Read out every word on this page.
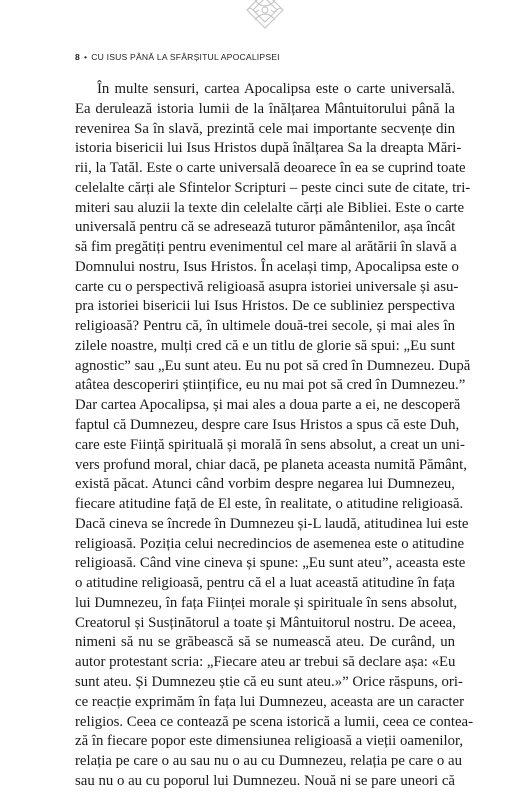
8 • CU ISUS PÂNĂ LA SFÂRȘITUL APOCALIPSEI
În multe sensuri, cartea Apocalipsa este o carte universală.
Ea derulează istoria lumii de la înălțarea Mântuitorului până la
revenirea Sa în slavă, prezintă cele mai importante secvențe din
istoria bisericii lui Isus Hristos după înălțarea Sa la dreapta Mări-
rii, la Tatăl. Este o carte universală deoarece în ea se cuprind toate
celelalte cărți ale Sfintelor Scripturi – peste cinci sute de citate, tri-
miteri sau aluzii la texte din celelalte cărți ale Bibliei. Este o carte
universală pentru că se adresează tuturor pământenilor, așa încât
să fim pregătiți pentru evenimentul cel mare al arătării în slavă a
Domnului nostru, Isus Hristos. În același timp, Apocalipsa este o
carte cu o perspectivă religioasă asupra istoriei universale și asu-
pra istoriei bisericii lui Isus Hristos. De ce subliniez perspectiva
religioasă? Pentru că, în ultimele două-trei secole, și mai ales în
zilele noastre, mulți cred că e un titlu de glorie să spui: „Eu sunt
agnostic” sau „Eu sunt ateu. Eu nu pot să cred în Dumnezeu. După
atâtea descoperiri științifice, eu nu mai pot să cred în Dumnezeu.”
Dar cartea Apocalipsa, și mai ales a doua parte a ei, ne descoperă
faptul că Dumnezeu, despre care Isus Hristos a spus că este Duh,
care este Ființă spirituală și morală în sens absolut, a creat un uni-
vers profund moral, chiar dacă, pe planeta aceasta numită Pământ,
există păcat. Atunci când vorbim despre negarea lui Dumnezeu,
fiecare atitudine față de El este, în realitate, o atitudine religioasă.
Dacă cineva se încrede în Dumnezeu și-L laudă, atitudinea lui este
religioasă. Poziția celui necredincios de asemenea este o atitudine
religioasă. Când vine cineva și spune: „Eu sunt ateu”, aceasta este
o atitudine religioasă, pentru că el a luat această atitudine în fața
lui Dumnezeu, în fața Ființei morale și spirituale în sens absolut,
Creatorul și Susținătorul a toate și Mântuitorul nostru. De aceea,
nimeni să nu se grăbească să se numească ateu. De curând, un
autor protestant scria: „Fiecare ateu ar trebui să declare așa: «Eu
sunt ateu. Și Dumnezeu știe că eu sunt ateu.»” Orice răspuns, ori-
ce reacție exprimăm în fața lui Dumnezeu, aceasta are un caracter
religios. Ceea ce contează pe scena istorică a lumii, ceea ce contea-
ză în fiecare popor este dimensiunea religioasă a vieții oamenilor,
relația pe care o au sau nu o au cu Dumnezeu, relația pe care o au
sau nu o au cu poporul lui Dumnezeu. Nouă ni se pare uneori că
